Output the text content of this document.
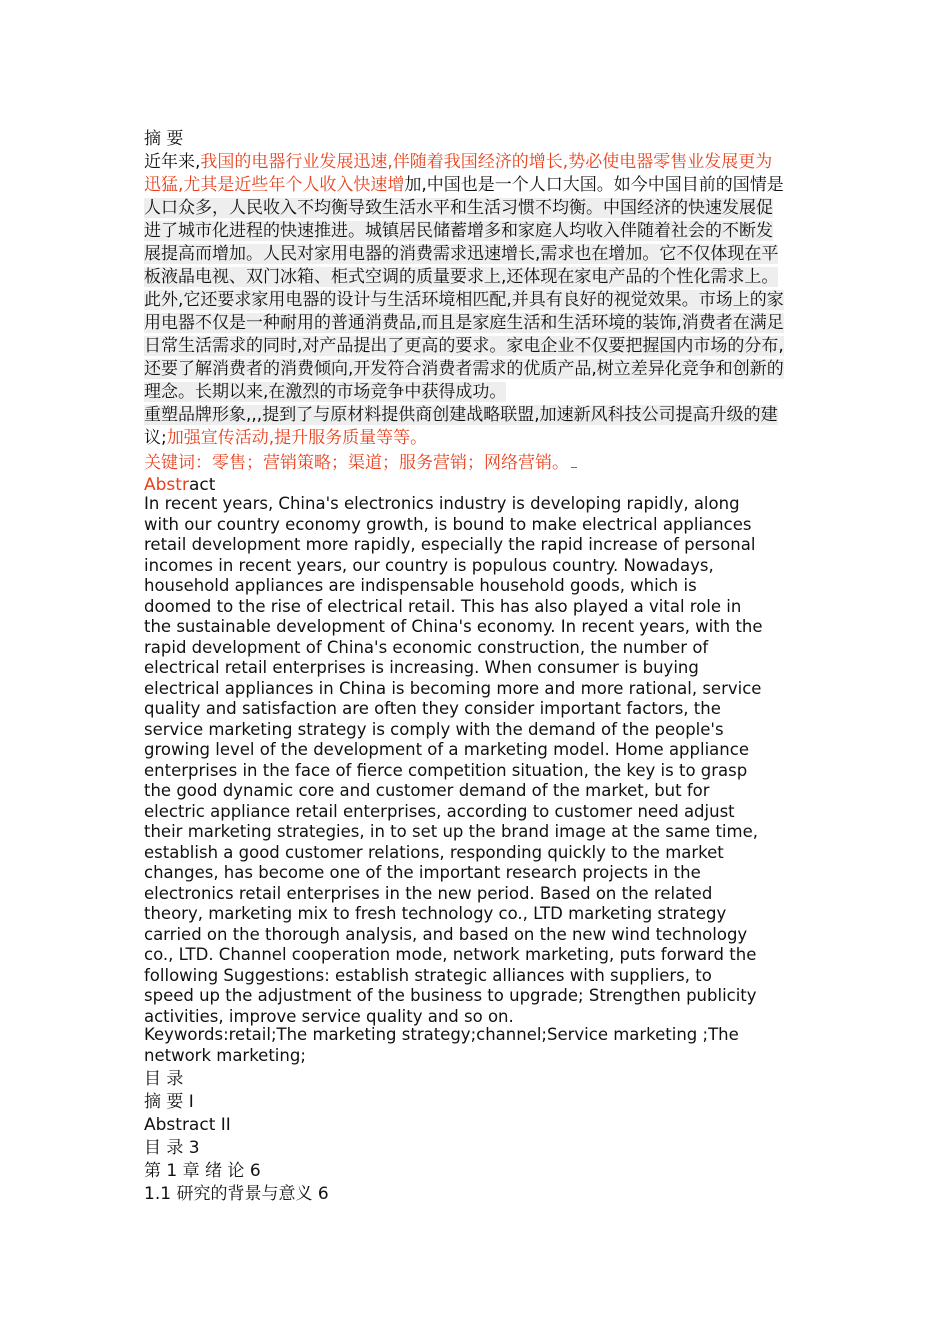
摘 要
近年来,我国的电器行业发展迅速,伴随着我国经济的增长,势必使电器零售业发展更为
迅猛,尤其是近些年个人收入快速增加,中国也是一个人口大国。如今中国目前的国情是
人口众多，人民收入不均衡导致生活水平和生活习惯不均衡。中国经济的快速发展促
进了城市化进程的快速推进。城镇居民储蓄增多和家庭人均收入伴随着社会的不断发
展提高而增加。人民对家用电器的消费需求迅速增长,需求也在增加。它不仅体现在平
板液晶电视、双门冰箱、柜式空调的质量要求上,还体现在家电产品的个性化需求上。
此外,它还要求家用电器的设计与生活环境相匹配,并具有良好的视觉效果。市场上的家
用电器不仅是一种耐用的普通消费品,而且是家庭生活和生活环境的装饰,消费者在满足
日常生活需求的同时,对产品提出了更高的要求。家电企业不仅要把握国内市场的分布,
还要了解消费者的消费倾向,开发符合消费者需求的优质产品,树立差异化竞争和创新的
理念。长期以来,在激烈的市场竞争中获得成功。
重塑品牌形象,,,提到了与原材料提供商创建战略联盟,加速新风科技公司提高升级的建
议;加强宣传活动,提升服务质量等等。
关键词：零售；营销策略；渠道；服务营销；网络营销。
Abstract
In recent years, China's electronics industry is developing rapidly, along
with our country economy growth, is bound to make electrical appliances
retail development more rapidly, especially the rapid increase of personal
incomes in recent years, our country is populous country. Nowadays,
household appliances are indispensable household goods, which is
doomed to the rise of electrical retail. This has also played a vital role in
the sustainable development of China's economy. In recent years, with the
rapid development of China's economic construction, the number of
electrical retail enterprises is increasing. When consumer is buying
electrical appliances in China is becoming more and more rational, service
quality and satisfaction are often they consider important factors, the
service marketing strategy is comply with the demand of the people's
growing level of the development of a marketing model. Home appliance
enterprises in the face of fierce competition situation, the key is to grasp
the good dynamic core and customer demand of the market, but for
electric appliance retail enterprises, according to customer need adjust
their marketing strategies, in to set up the brand image at the same time,
establish a good customer relations, responding quickly to the market
changes, has become one of the important research projects in the
electronics retail enterprises in the new period. Based on the related
theory, marketing mix to fresh technology co., LTD marketing strategy
carried on the thorough analysis, and based on the new wind technology
co., LTD. Channel cooperation mode, network marketing, puts forward the
following Suggestions: establish strategic alliances with suppliers, to
speed up the adjustment of the business to upgrade; Strengthen publicity
activities, improve service quality and so on.
Keywords:retail;The marketing strategy;channel;Service marketing ;The
network marketing;
目 录
摘 要 I
Abstract II
目 录 3
第 1 章 绪 论 6
1.1 研究的背景与意义 6
